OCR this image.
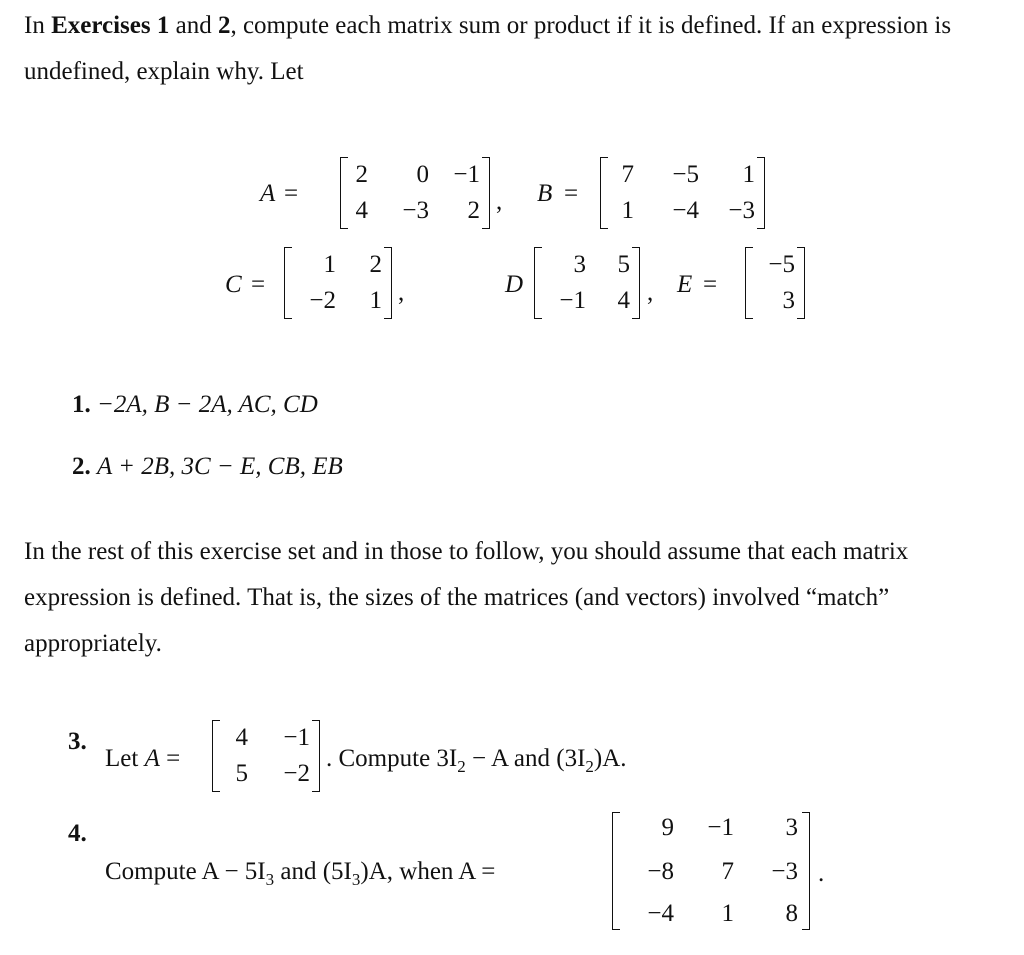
In Exercises 1 and 2, compute each matrix sum or product if it is defined. If an expression is undefined, explain why. Let

A =
2 0 −1
4 −3 2 , B =
7 −5 1
1 −4 −3
C =
1 2
−2 1 ,	D
3 5
−1 4 , E =
−5
3
1. −2A, B − 2A, AC, CD
2. A + 2B, 3C − E, CB, EB

In the rest of this exercise set and in those to follow, you should assume that each matrix expression is defined. That is, the sizes of the matrices (and vectors) involved “match” appropriately.

3.
Let A =
4 −1
5 −2
. Compute $3I_2 - A$ and $(3I_2)A$.
4.
Compute $A - 5I_3$ and $(5I_3)A$, when A =
9 −1 3
−8 7 −3
−4 1 8
.
